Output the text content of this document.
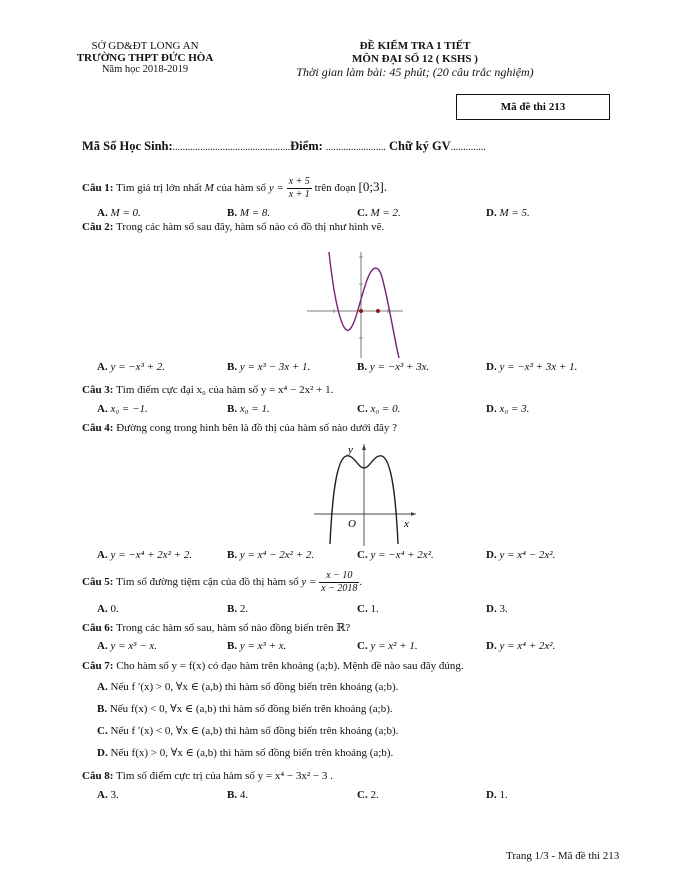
SỞ GD&ĐT LONG AN
TRƯỜNG THPT ĐỨC HÒA
Năm học 2018-2019
ĐỀ KIỂM TRA 1 TIẾT
MÔN ĐẠI SỐ 12 ( KSHS )
Thời gian làm bài: 45 phút; (20 câu trắc nghiệm)
Mã đề thi 213
Mã Số Học Sinh:...............................................Điểm: ........................ Chữ ký GV..............
Câu 1: Tìm giá trị lớn nhất M của hàm số $y = \frac{x + 5}{x + 1}$ trên đoạn [0;3].
A. M = 0.	B. M = 8.	C. M = 2.	D. M = 5.
Câu 2: Trong các hàm số sau đây, hàm số nào có đồ thị như hình vẽ.
A. y = −x³ + 2.	B. y = x³ − 3x + 1.	B. y = −x³ + 3x.	D. y = −x³ + 3x + 1.
Câu 3: Tìm điểm cực đại x₀ của hàm số y = x⁴ − 2x² + 1.
A. x₀ = −1.	B. x₀ = 1.	C. x₀ = 0.	D. x₀ = 3.
Câu 4: Đường cong trong hình bên là đồ thị của hàm số nào dưới đây ?
y
x
O
A. y = −x⁴ + 2x² + 2.	B. y = x⁴ − 2x² + 2.	C. y = −x⁴ + 2x².	D. y = x⁴ − 2x².
Câu 5: Tìm số đường tiệm cận của đồ thị hàm số $y = \frac{x - 10}{x - 2018}$ .
A. 0.	B. 2.	C. 1.	D. 3.
Câu 6: Trong các hàm số sau, hàm số nào đồng biến trên ℝ?
A. y = x³ − x.	B. y = x³ + x.	C. y = x² + 1.	D. y = x⁴ + 2x².
Câu 7: Cho hàm số y = f(x) có đạo hàm trên khoảng (a;b). Mệnh đề nào sau đây đúng.
A. Nếu f ′(x) > 0, ∀x ∈ (a,b) thì hàm số đồng biến trên khoảng (a;b).
B. Nếu f(x) < 0, ∀x ∈ (a,b) thì hàm số đồng biến trên khoảng (a;b).
C. Nếu f ′(x) < 0, ∀x ∈ (a,b) thì hàm số đồng biến trên khoảng (a;b).
D. Nếu f(x) > 0, ∀x ∈ (a,b) thì hàm số đồng biến trên khoảng (a;b).
Câu 8: Tìm số điểm cực trị của hàm số y = x⁴ − 3x² − 3 .
A. 3.	B. 4.	C. 2.	D. 1.
Trang 1/3 - Mã đề thi 213
